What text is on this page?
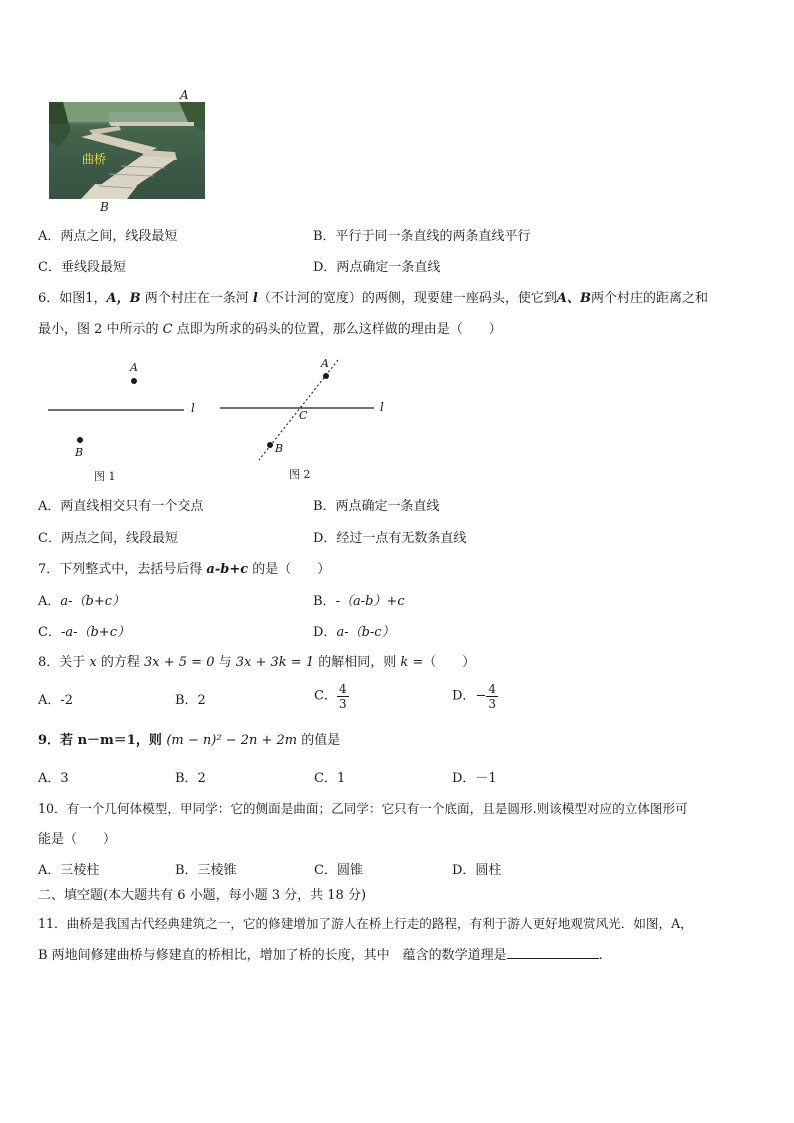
A
曲桥
B
A．两点之间，线段最短	B．平行于同一条直线的两条直线平行
C．垂线段最短	D．两点确定一条直线
6．如图1，A，B 两个村庄在一条河 l（不计河的宽度）的两侧，现要建一座码头，使它到A、B两个村庄的距离之和
最小，图 2 中所示的 C 点即为所求的码头的位置，那么这样做的理由是（　　）
A
l
B
图 1
A
C
l
B
图 2
A．两直线相交只有一个交点	B．两点确定一条直线
C．两点之间，线段最短	D．经过一点有无数条直线
7．下列整式中，去括号后得 a-b+c 的是（　　）
A．a-（b+c）	B．-（a-b）+c
C．-a-（b+c）	D．a-（b-c）
8．关于 x 的方程 3x + 5 = 0 与 3x + 3k = 1 的解相同，则 k =（　　）
A．-2	B．2	C． $\frac{4}{3}$	D．− $\frac{4}{3}$
9．若 n－m＝1，则 (m − n)² − 2n + 2m 的值是
A．3	B．2	C．1	D．－1
10．有一个几何体模型，甲同学：它的侧面是曲面；乙同学：它只有一个底面，且是圆形.则该模型对应的立体图形可
能是（　　）
A．三棱柱	B．三棱锥	C．圆锥	D．圆柱
二、填空题(本大题共有 6 小题，每小题 3 分，共 18 分)
11．曲桥是我国古代经典建筑之一，它的修建增加了游人在桥上行走的路程，有利于游人更好地观赏风光．如图，A，
B 两地间修建曲桥与修建直的桥相比，增加了桥的长度，其中　蕴含的数学道理是	.
